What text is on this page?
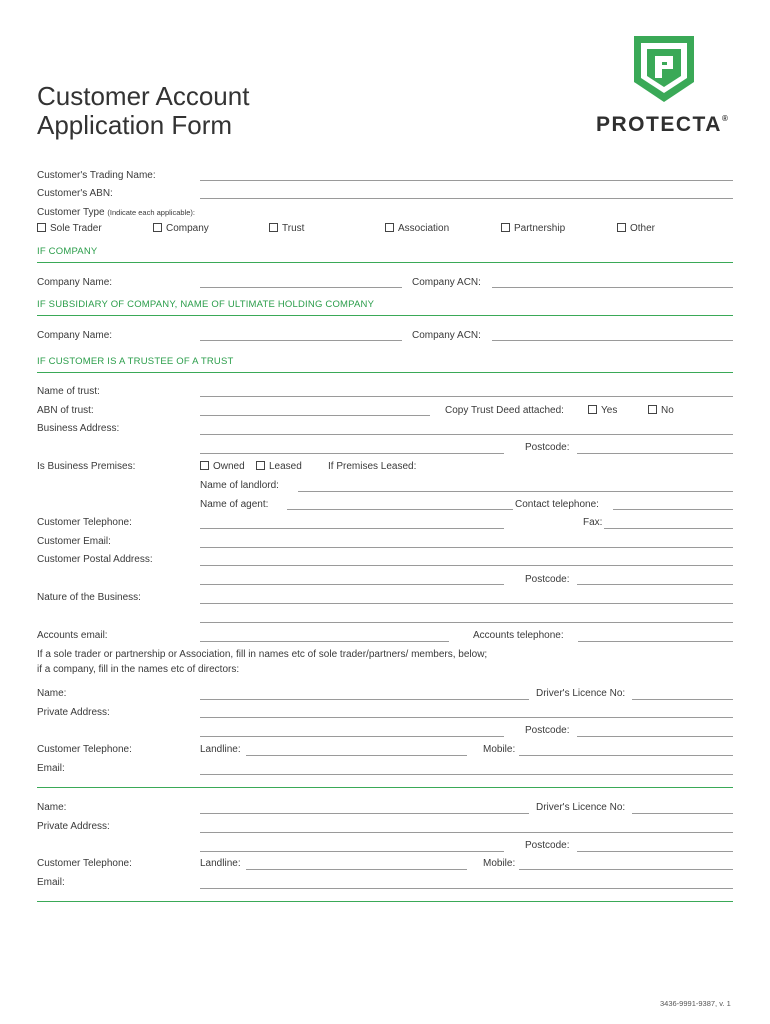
Customer Account
Application Form	PROTECTA®
Customer's Trading Name:
Customer's ABN:
Customer Type (Indicate each applicable):
Sole Trader	Company	Trust	Association	Partnership	Other
IF COMPANY
Company Name:	Company ACN:
IF SUBSIDIARY OF COMPANY, NAME OF ULTIMATE HOLDING COMPANY
Company Name:	Company ACN:
IF CUSTOMER IS A TRUSTEE OF A TRUST
Name of trust:
ABN of trust:	Copy Trust Deed attached:	Yes	No
Business Address:
Postcode:
Is Business Premises:	Owned	Leased	If Premises Leased:
Name of landlord:
Name of agent:	Contact telephone:
Customer Telephone:	Fax:
Customer Email:
Customer Postal Address:
Postcode:
Nature of the Business:
Accounts email:	Accounts telephone:
If a sole trader or partnership or Association, fill in names etc of sole trader/partners/ members, below;
if a company, fill in the names etc of directors:
Name:	Driver's Licence No:
Private Address:
Postcode:
Customer Telephone:	Landline:	Mobile:
Email:
Name:	Driver's Licence No:
Private Address:
Postcode:
Customer Telephone:	Landline:	Mobile:
Email:
3436-9991-9387, v. 1
